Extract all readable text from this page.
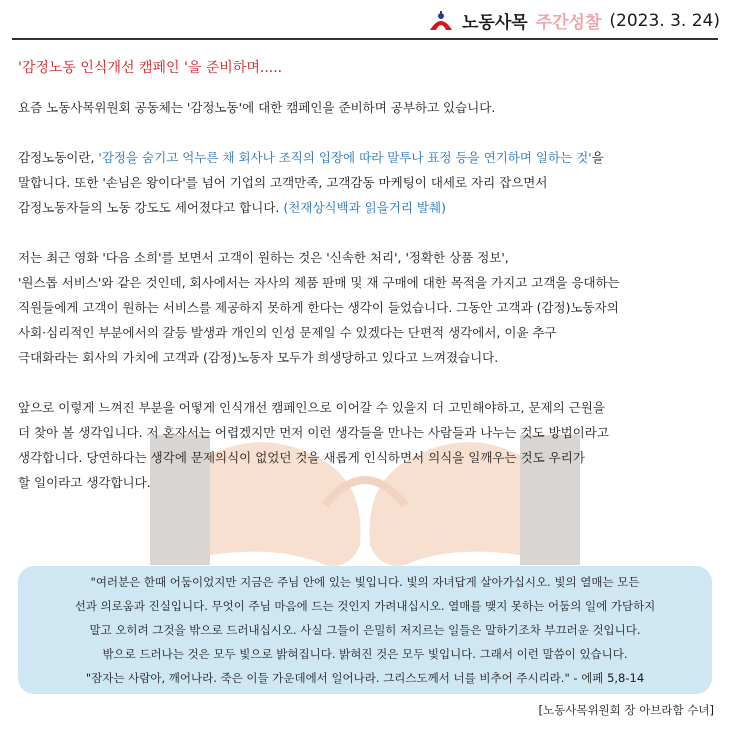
노동사목 주간성찰 (2023. 3. 24)

'감정노동 인식개선 캠페인 '을 준비하며.....

요즘 노동사목위원회 공동체는 '감정노동'에 대한 캠페인을 준비하며 공부하고 있습니다.

감정노동이란, '감정을 숨기고 억누른 채 회사나 조직의 입장에 따라 말투나 표정 등을 연기하며 일하는 것'을

말합니다. 또한 '손님은 왕이다'를 넘어 기업의 고객만족, 고객감동 마케팅이 대세로 자리 잡으면서

감정노동자들의 노동 강도도 세어졌다고 합니다. (천재상식백과 읽을거리 발췌)

저는 최근 영화 '다음 소희'를 보면서 고객이 원하는 것은 '신속한 처리', '정확한 상품 정보',

'원스톱 서비스'와 같은 것인데, 회사에서는 자사의 제품 판매 및 재 구매에 대한 목적을 가지고 고객을 응대하는

직원들에게 고객이 원하는 서비스를 제공하지 못하게 한다는 생각이 들었습니다. 그동안 고객과 (감정)노동자의

사회·심리적인 부분에서의 갈등 발생과 개인의 인성 문제일 수 있겠다는 단편적 생각에서, 이윤 추구

극대화라는 회사의 가치에 고객과 (감정)노동자 모두가 희생당하고 있다고 느껴졌습니다.

앞으로 이렇게 느껴진 부분을 어떻게 인식개선 캠페인으로 이어갈 수 있을지 더 고민해야하고, 문제의 근원을

더 찾아 볼 생각입니다. 저 혼자서는 어렵겠지만 먼저 이런 생각들을 만나는 사람들과 나누는 것도 방법이라고

생각합니다. 당연하다는 생각에 문제의식이 없었던 것을 새롭게 인식하면서 의식을 일깨우는 것도 우리가

할 일이라고 생각합니다.

"여러분은 한때 어둠이었지만 지금은 주님 안에 있는 빛입니다. 빛의 자녀답게 살아가십시오. 빛의 열매는 모든

선과 의로움과 진실입니다. 무엇이 주님 마음에 드는 것인지 가려내십시오. 열매를 맺지 못하는 어둠의 일에 가담하지

말고 오히려 그것을 밖으로 드러내십시오. 사실 그들이 은밀히 저지르는 일들은 말하기조차 부끄러운 것입니다.

밖으로 드러나는 것은 모두 빛으로 밝혀집니다. 밝혀진 것은 모두 빛입니다. 그래서 이런 말씀이 있습니다.

"잠자는 사람아, 깨어나라. 죽은 이들 가운데에서 일어나라. 그리스도께서 너를 비추어 주시리라." - 에페 5,8-14

[노동사목위원회 장 아브라함 수녀]
